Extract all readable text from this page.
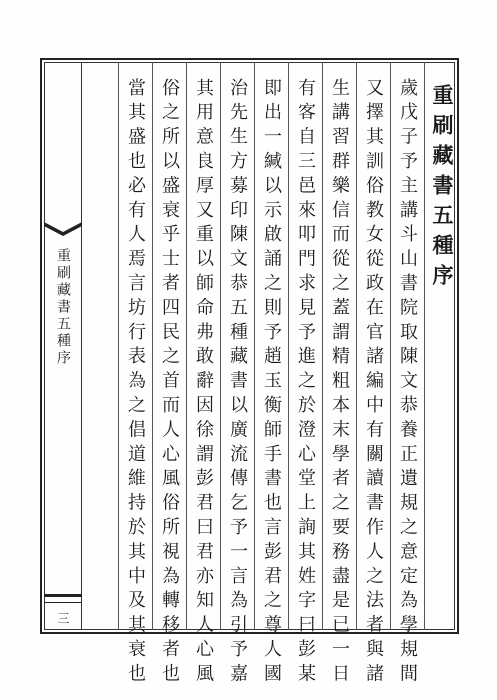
重刷藏書五種序
三
重刷藏書五種序
歲戊子予主講斗山書院取陳文恭養正遺規之意定為學規間
又擇其訓俗教女從政在官諸編中有關讀書作人之法者與諸
生講習群樂信而從之蓋謂精粗本末學者之要務盡是已一日
有客自三邑來叩門求見予進之於澄心堂上詢其姓字曰彭某
即出一緘以示啟誦之則予趙玉衡師手書也言彭君之尊人國
治先生方募印陳文恭五種藏書以廣流傳乞予一言為引予嘉
其用意良厚又重以師命弗敢辭因徐謂彭君曰君亦知人心風
俗之所以盛衰乎士者四民之首而人心風俗所視為轉移者也
當其盛也必有人焉言坊行表為之倡道維持於其中及其衰也
